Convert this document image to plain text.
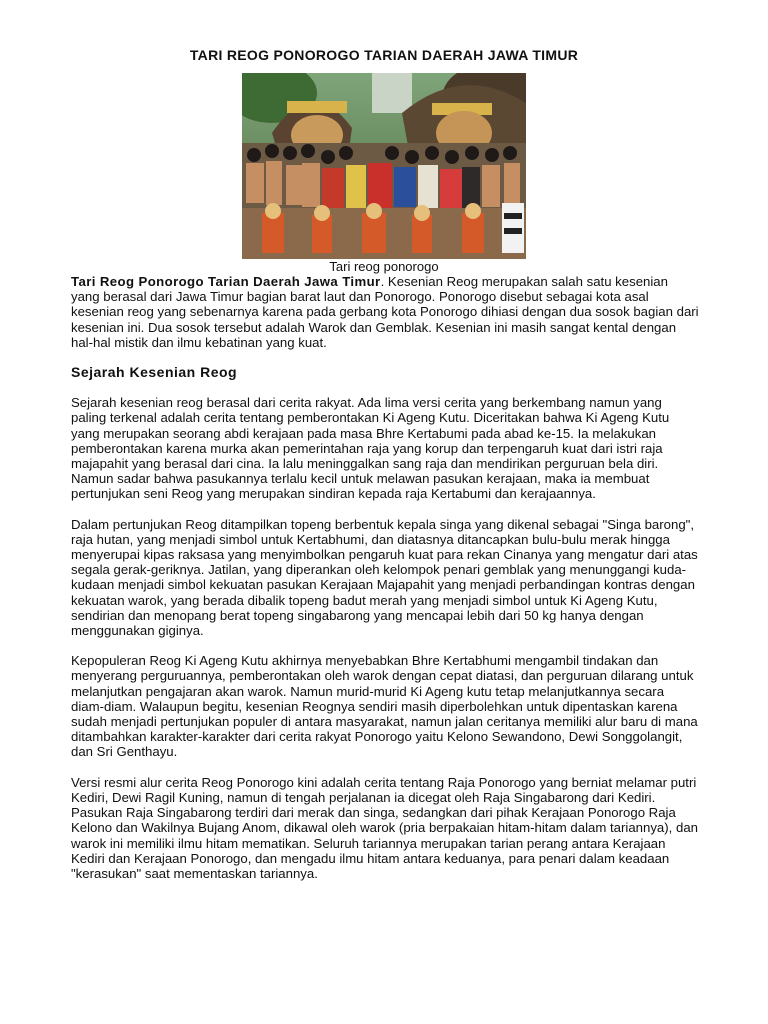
TARI REOG PONOROGO TARIAN DAERAH JAWA TIMUR
Tari reog ponorogo

Tari Reog Ponorogo Tarian Daerah Jawa Timur. Kesenian Reog merupakan salah satu kesenian yang berasal dari Jawa Timur bagian barat laut dan Ponorogo. Ponorogo disebut sebagai kota asal kesenian reog yang sebenarnya karena pada gerbang kota Ponorogo dihiasi dengan dua sosok bagian dari kesenian ini. Dua sosok tersebut adalah Warok dan Gemblak. Kesenian ini masih sangat kental dengan hal-hal mistik dan ilmu kebatinan yang kuat.

Sejarah Kesenian Reog

Sejarah kesenian reog berasal dari cerita rakyat. Ada lima versi cerita yang berkembang namun yang paling terkenal adalah cerita tentang pemberontakan Ki Ageng Kutu. Diceritakan bahwa Ki Ageng Kutu yang merupakan seorang abdi kerajaan pada masa Bhre Kertabumi pada abad ke-15. Ia melakukan pemberontakan karena murka akan pemerintahan raja yang korup dan terpengaruh kuat dari istri raja majapahit yang berasal dari cina. Ia lalu meninggalkan sang raja dan mendirikan perguruan bela diri. Namun sadar bahwa pasukannya terlalu kecil untuk melawan pasukan kerajaan, maka ia membuat pertunjukan seni Reog yang merupakan sindiran kepada raja Kertabumi dan kerajaannya.

Dalam pertunjukan Reog ditampilkan topeng berbentuk kepala singa yang dikenal sebagai "Singa barong", raja hutan, yang menjadi simbol untuk Kertabhumi, dan diatasnya ditancapkan bulu-bulu merak hingga menyerupai kipas raksasa yang menyimbolkan pengaruh kuat para rekan Cinanya yang mengatur dari atas segala gerak-geriknya. Jatilan, yang diperankan oleh kelompok penari gemblak yang menunggangi kuda-kudaan menjadi simbol kekuatan pasukan Kerajaan Majapahit yang menjadi perbandingan kontras dengan kekuatan warok, yang berada dibalik topeng badut merah yang menjadi simbol untuk Ki Ageng Kutu, sendirian dan menopang berat topeng singabarong yang mencapai lebih dari 50 kg hanya dengan menggunakan giginya.

Kepopuleran Reog Ki Ageng Kutu akhirnya menyebabkan Bhre Kertabhumi mengambil tindakan dan menyerang perguruannya, pemberontakan oleh warok dengan cepat diatasi, dan perguruan dilarang untuk melanjutkan pengajaran akan warok. Namun murid-murid Ki Ageng kutu tetap melanjutkannya secara diam-diam. Walaupun begitu, kesenian Reognya sendiri masih diperbolehkan untuk dipentaskan karena sudah menjadi pertunjukan populer di antara masyarakat, namun jalan ceritanya memiliki alur baru di mana ditambahkan karakter-karakter dari cerita rakyat Ponorogo yaitu Kelono Sewandono, Dewi Songgolangit, dan Sri Genthayu.

Versi resmi alur cerita Reog Ponorogo kini adalah cerita tentang Raja Ponorogo yang berniat melamar putri Kediri, Dewi Ragil Kuning, namun di tengah perjalanan ia dicegat oleh Raja Singabarong dari Kediri. Pasukan Raja Singabarong terdiri dari merak dan singa, sedangkan dari pihak Kerajaan Ponorogo Raja Kelono dan Wakilnya Bujang Anom, dikawal oleh warok (pria berpakaian hitam-hitam dalam tariannya), dan warok ini memiliki ilmu hitam mematikan. Seluruh tariannya merupakan tarian perang antara Kerajaan Kediri dan Kerajaan Ponorogo, dan mengadu ilmu hitam antara keduanya, para penari dalam keadaan "kerasukan" saat mementaskan tariannya.
